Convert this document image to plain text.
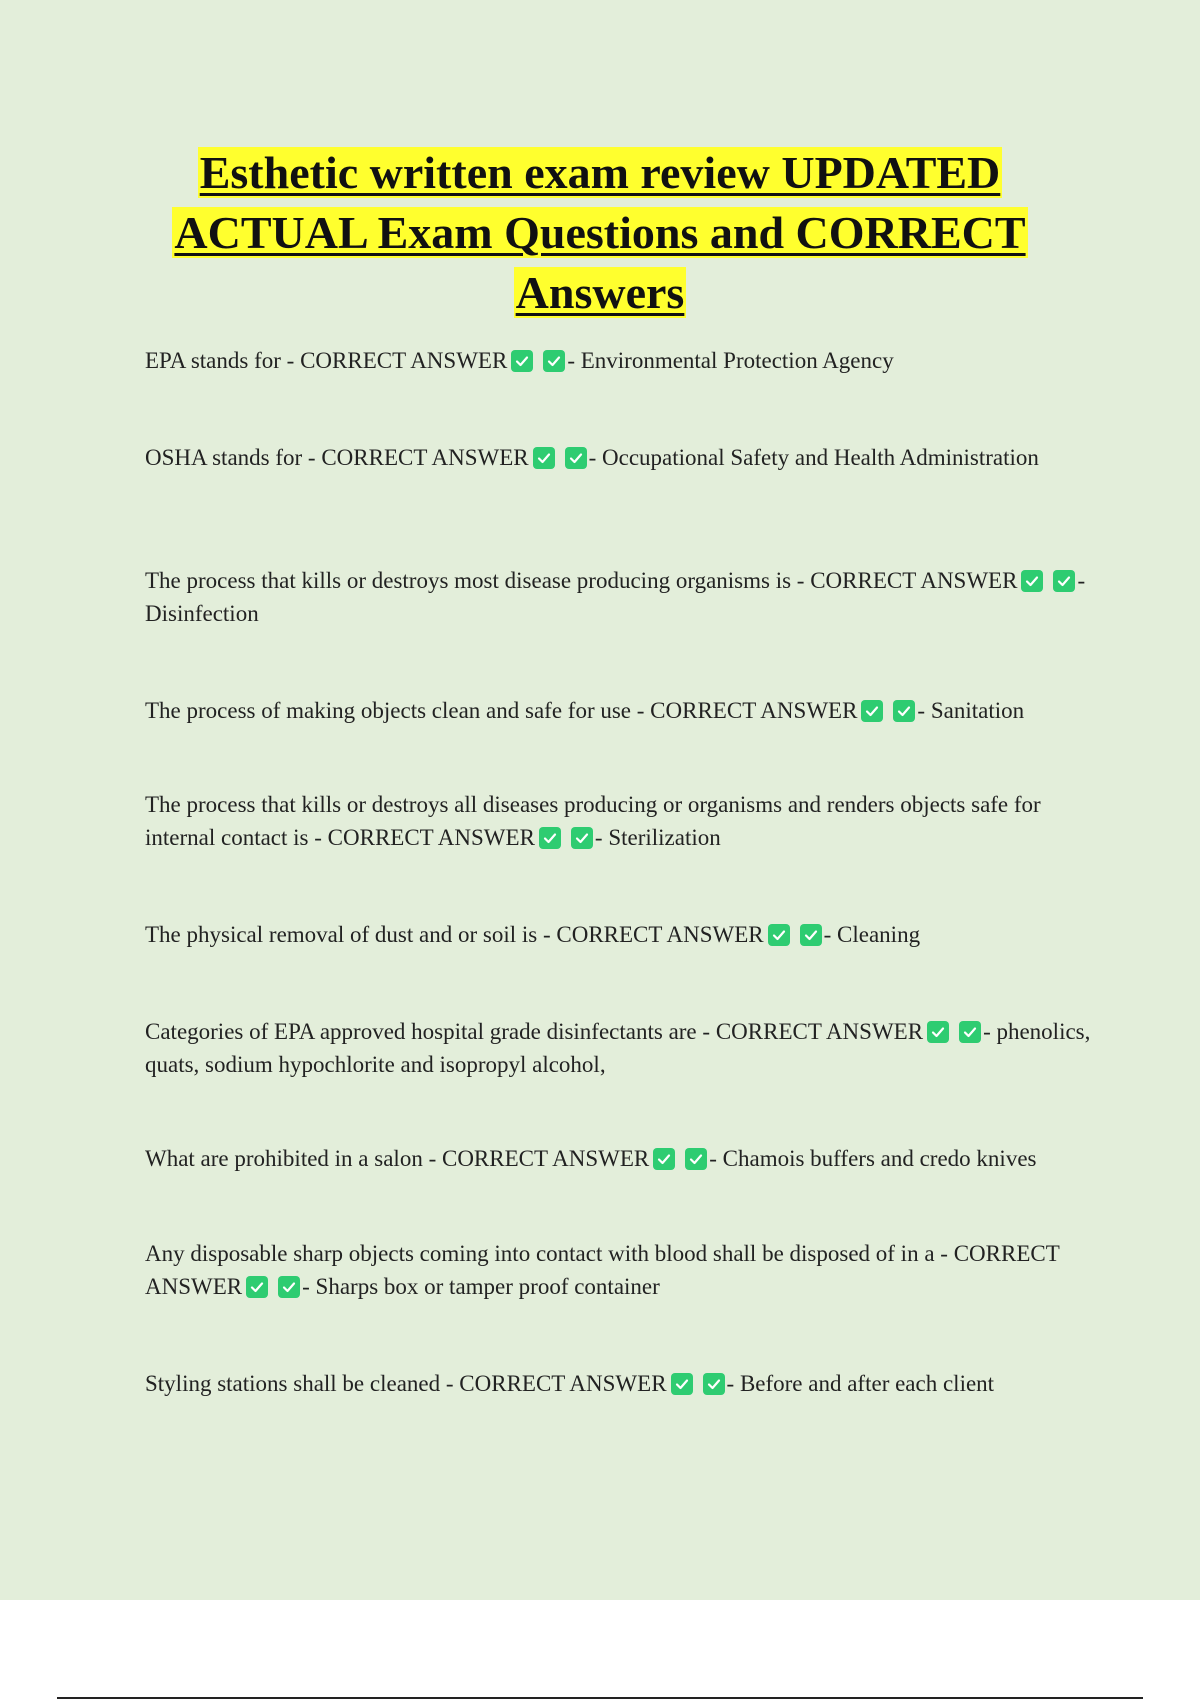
Esthetic written exam review UPDATED
ACTUAL Exam Questions and CORRECT
Answers

EPA stands for - CORRECT ANSWER	- Environmental Protection Agency

OSHA stands for - CORRECT ANSWER	- Occupational Safety and Health Administration

The process that kills or destroys most disease producing organisms is - CORRECT ANSWER	- Disinfection

The process of making objects clean and safe for use - CORRECT ANSWER	- Sanitation

The process that kills or destroys all diseases producing or organisms and renders objects safe for internal contact is - CORRECT ANSWER	- Sterilization

The physical removal of dust and or soil is - CORRECT ANSWER	- Cleaning

Categories of EPA approved hospital grade disinfectants are - CORRECT ANSWER	- phenolics, quats, sodium hypochlorite and isopropyl alcohol,

What are prohibited in a salon - CORRECT ANSWER	- Chamois buffers and credo knives

Any disposable sharp objects coming into contact with blood shall be disposed of in a - CORRECT ANSWER	- Sharps box or tamper proof container

Styling stations shall be cleaned - CORRECT ANSWER	- Before and after each client
